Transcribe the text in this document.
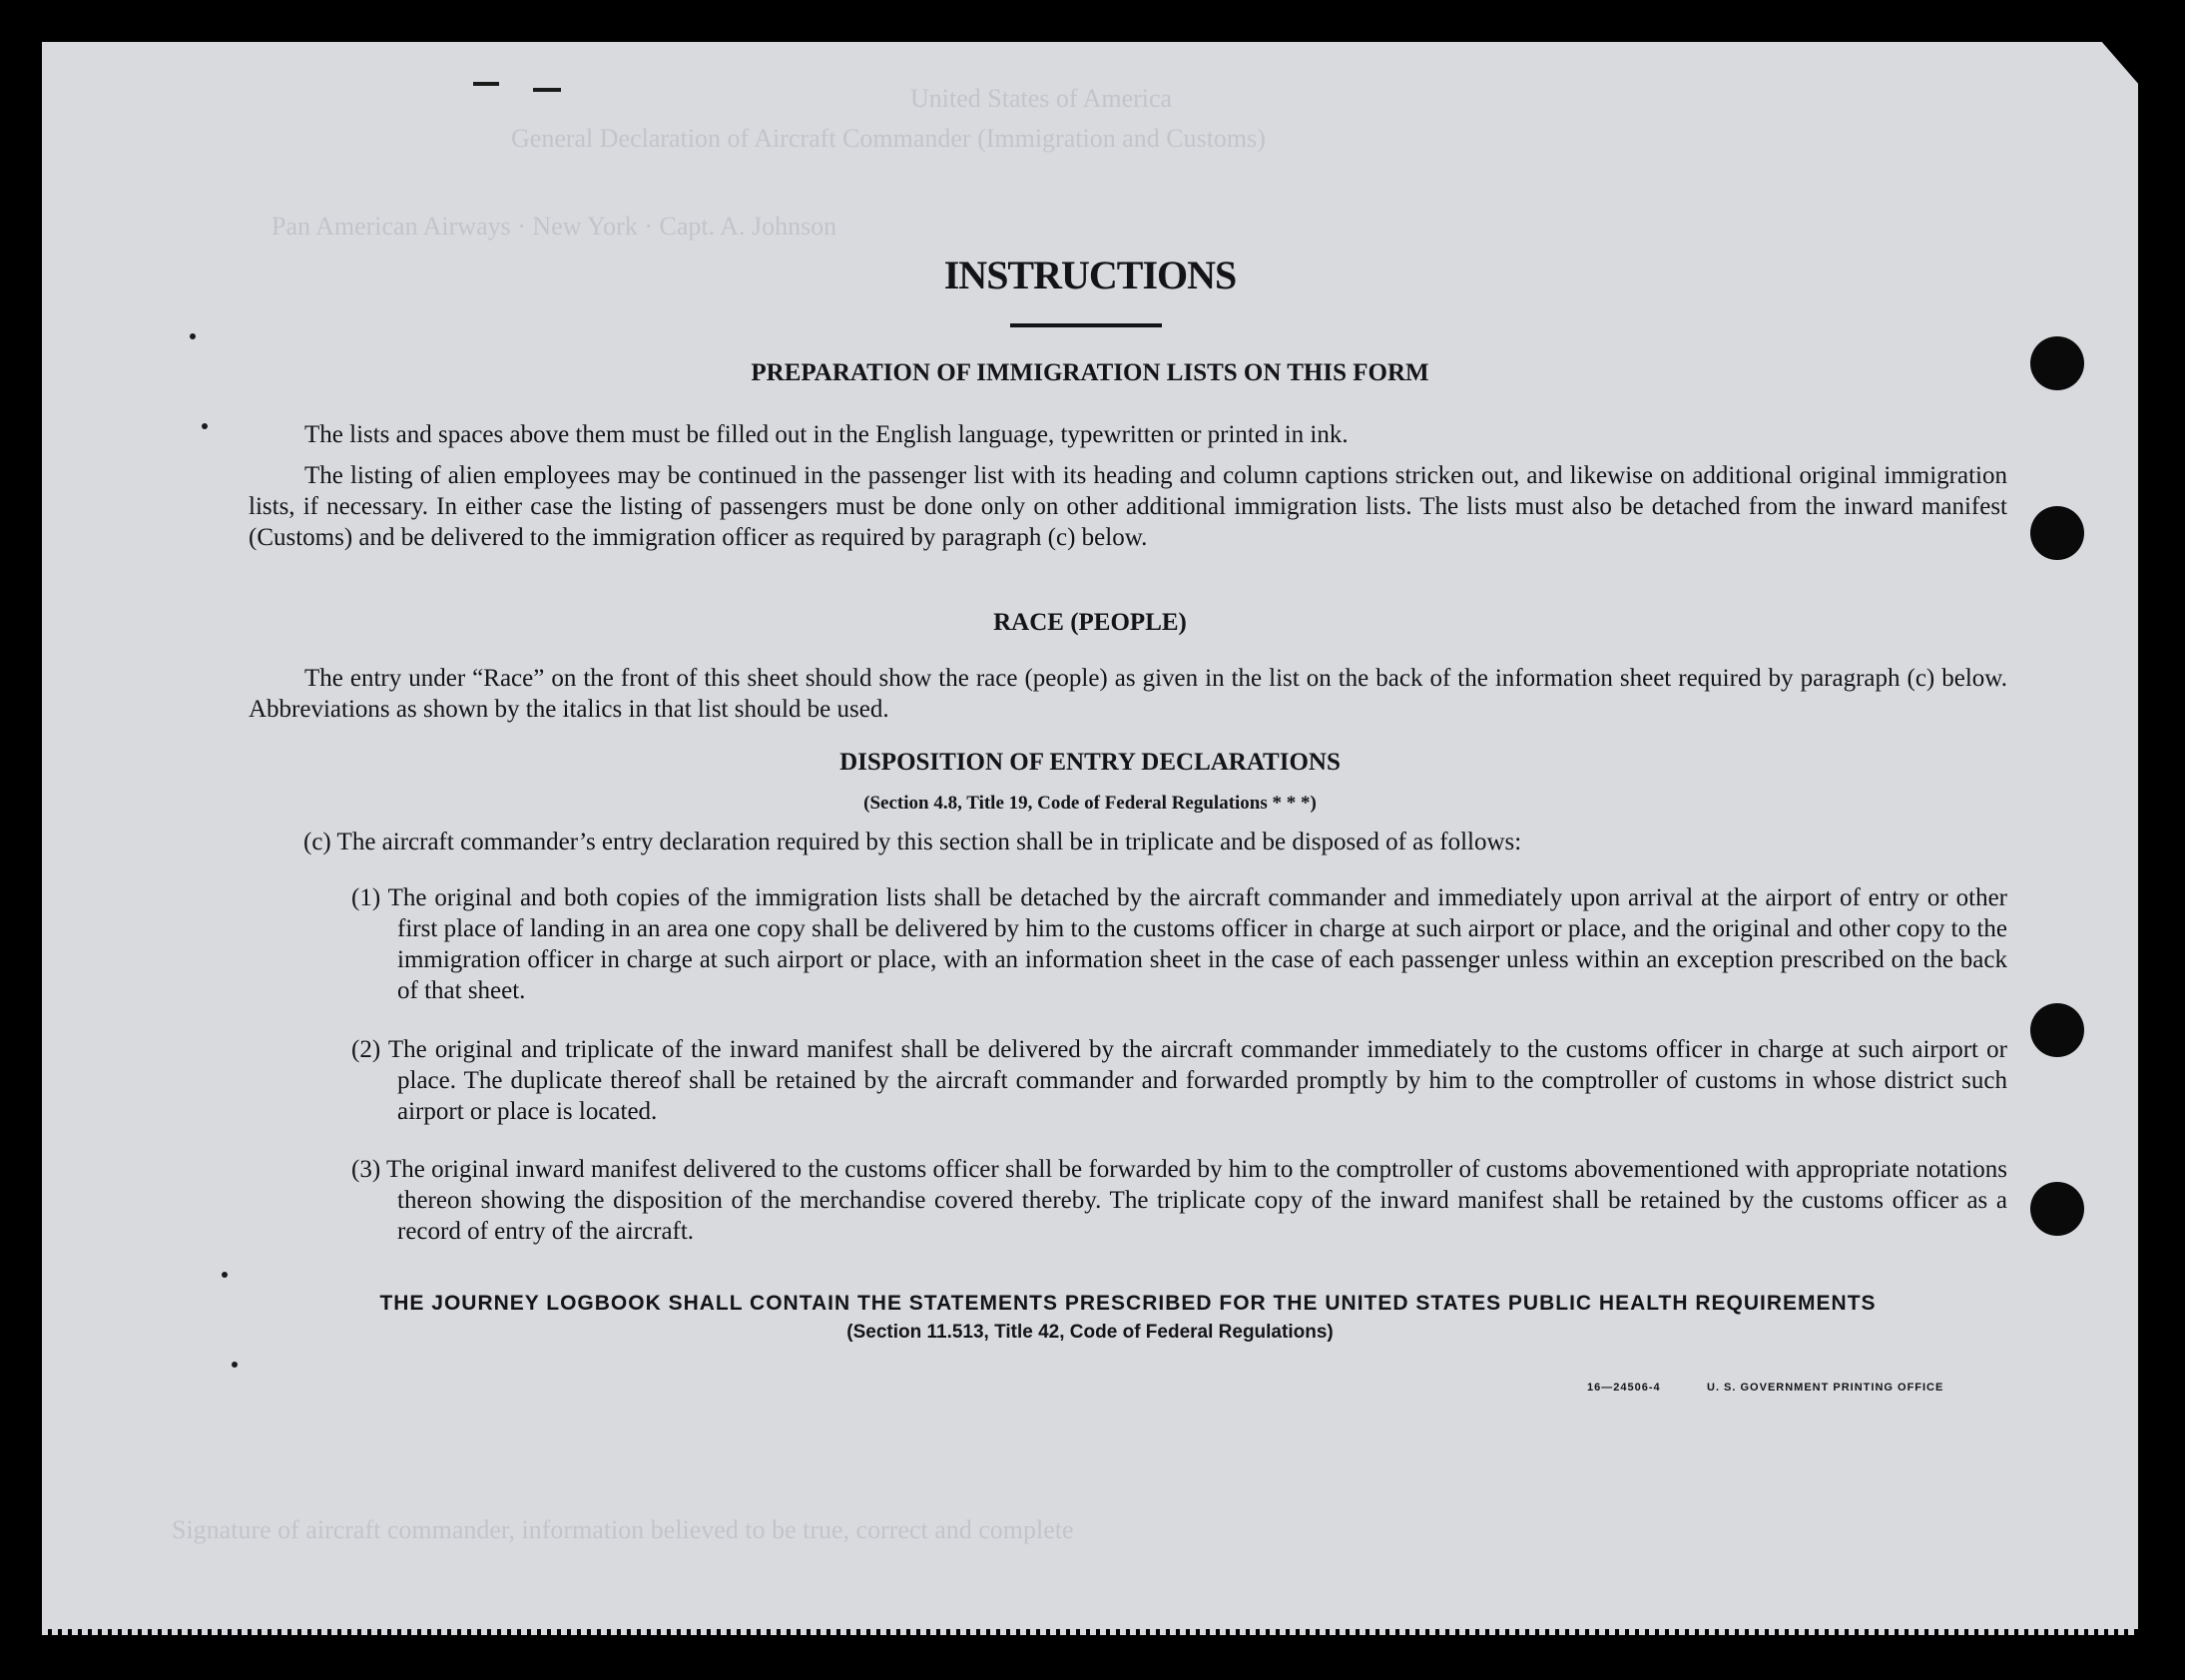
United States of America
General Declaration of Aircraft Commander (Immigration and Customs)
Pan American Airways · New York · Capt. A. Johnson
Signature of aircraft commander, information believed to be true, correct and complete
INSTRUCTIONS
PREPARATION OF IMMIGRATION LISTS ON THIS FORM

The lists and spaces above them must be filled out in the English language, typewritten or printed in ink.

The listing of alien employees may be continued in the passenger list with its heading and column captions stricken out, and likewise on additional original immigration lists, if necessary. In either case the listing of passengers must be done only on other additional immigration lists. The lists must also be detached from the inward manifest (Customs) and be delivered to the immigration officer as required by paragraph (c) below.

RACE (PEOPLE)

The entry under “Race” on the front of this sheet should show the race (people) as given in the list on the back of the information sheet required by paragraph (c) below. Abbreviations as shown by the italics in that list should be used.

DISPOSITION OF ENTRY DECLARATIONS
(Section 4.8, Title 19, Code of Federal Regulations * * *)
(c) The aircraft commander’s entry declaration required by this section shall be in triplicate and be disposed of as follows:
(1) The original and both copies of the immigration lists shall be detached by the aircraft commander and immediately upon arrival at the airport of entry or other first place of landing in an area one copy shall be delivered by him to the customs officer in charge at such airport or place, and the original and other copy to the immigration officer in charge at such airport or place, with an information sheet in the case of each passenger unless within an exception prescribed on the back of that sheet.
(2) The original and triplicate of the inward manifest shall be delivered by the aircraft commander immediately to the customs officer in charge at such airport or place. The duplicate thereof shall be retained by the aircraft commander and forwarded promptly by him to the comptroller of customs in whose district such airport or place is located.
(3) The original inward manifest delivered to the customs officer shall be forwarded by him to the comptroller of customs abovementioned with appropriate notations thereon showing the disposition of the merchandise covered thereby. The triplicate copy of the inward manifest shall be retained by the customs officer as a record of entry of the aircraft.
THE JOURNEY LOGBOOK SHALL CONTAIN THE STATEMENTS PRESCRIBED FOR THE UNITED STATES PUBLIC HEALTH REQUIREMENTS
(Section 11.513, Title 42, Code of Federal Regulations)
16—24506-4	U. S. GOVERNMENT PRINTING OFFICE
